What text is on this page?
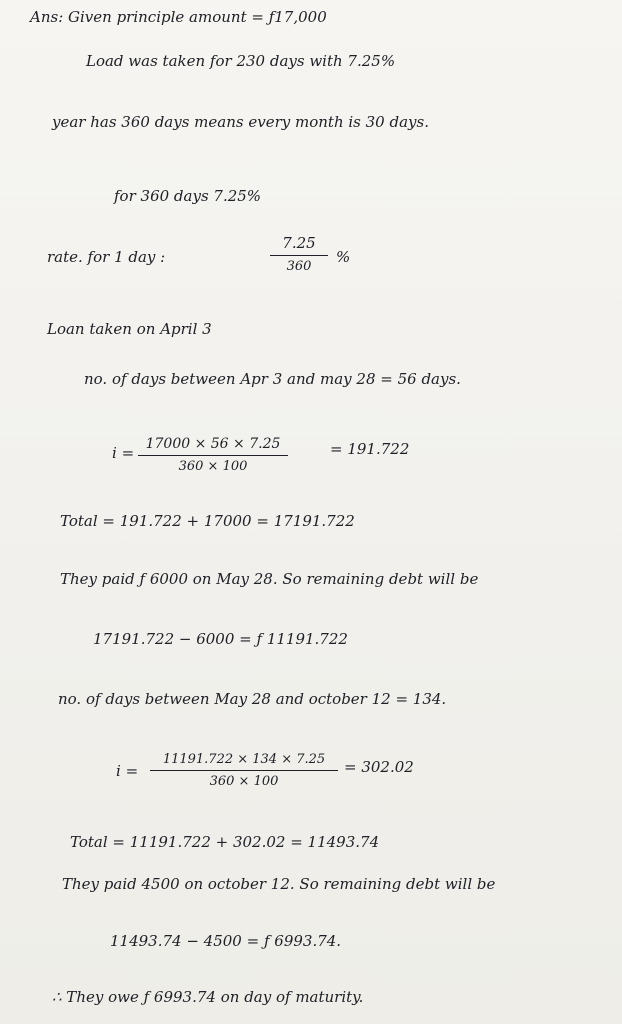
Ans: Given principle amount = ƒ17,000
Load was taken for 230 days with 7.25%
year has 360 days means every month is 30 days.
for 360 days 7.25%
rate. for 1 day :
7.25
360
%
Loan taken on April 3
no. of days between Apr 3 and may 28 = 56 days.
i = 17000 × 56 × 7.25
360 × 100
= 191.722
Total = 191.722 + 17000 = 17191.722
They paid ƒ 6000 on May 28. So remaining debt will be
17191.722 − 6000 = ƒ 11191.722
no. of days between May 28 and october 12 = 134.
i =
11191.722 × 134 × 7.25
360 × 100
= 302.02
Total = 11191.722 + 302.02 = 11493.74
They paid 4500 on october 12. So remaining debt will be
11493.74 − 4500 = ƒ 6993.74.
∴ They owe ƒ 6993.74 on day of maturity.
